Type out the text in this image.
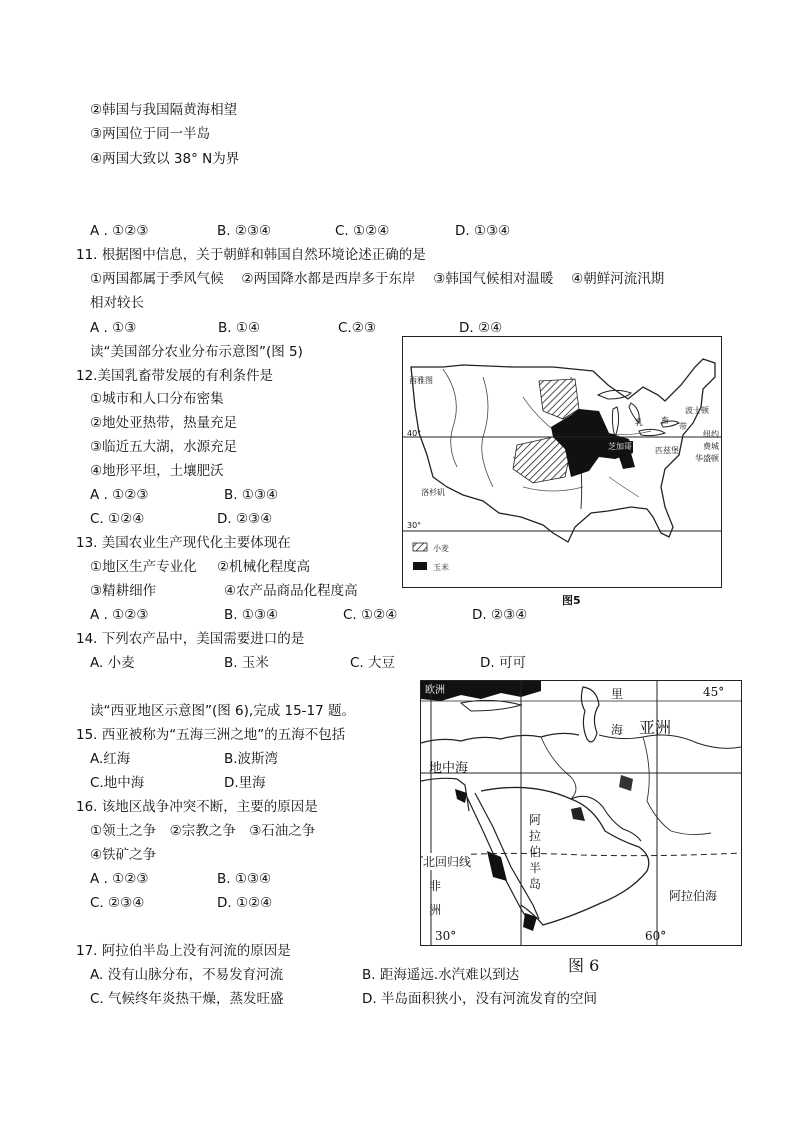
②韩国与我国隔黄海相望
③两国位于同一半岛
④两国大致以 38° N为界
A . ①②③	B. ②③④	C. ①②④	D. ①③④
11. 根据图中信息，关于朝鲜和韩国自然环境论述正确的是
①两国都属于季风气候　 ②两国降水都是西岸多于东岸　 ③韩国气候相对温暖　 ④朝鲜河流汛期
相对较长
A . ①③	B. ①④	C.②③	D. ②④
读“美国部分农业分布示意图”(图 5)
12.美国乳畜带发展的有利条件是
①城市和人口分布密集
②地处亚热带，热量充足
③临近五大湖，水源充足
④地形平坦，土壤肥沃
A . ①②③	B. ①③④
C. ①②④	D. ②③④
13. 美国农业生产现代化主要体现在
①地区生产专业化 ②机械化程度高
③精耕细作	④农产品商品化程度高
A . ①②③	B. ①③④	C. ①②④	D. ②③④
14. 下列农产品中，美国需要进口的是
A. 小麦	B. 玉米	C. 大豆	D. 可可
读“西亚地区示意图”(图 6),完成 15-17 题。
15. 西亚被称为“五海三洲之地”的五海不包括
A.红海	B.波斯湾
C.地中海	D.里海
16. 该地区战争冲突不断，主要的原因是
①领土之争　②宗教之争　③石油之争
④铁矿之争
A . ①②③	B. ①③④
C. ②③④	D. ①②④
17. 阿拉伯半岛上没有河流的原因是
A. 没有山脉分布，不易发育河流	B. 距海遥远.水汽难以到达
C. 气候终年炎热干燥，蒸发旺盛	D. 半岛面积狭小，没有河流发育的空间
西雅图
洛杉矶
波士顿
纽约
费城
华盛顿
芝加哥	匹兹堡
乳 畜
带
40°
30°
小麦
玉米
图5
欧洲	里
海 亚洲
45°
地中海
阿
拉
伯
半
岛
北回归线
非
洲
阿拉伯海
30°	60°
图 6
